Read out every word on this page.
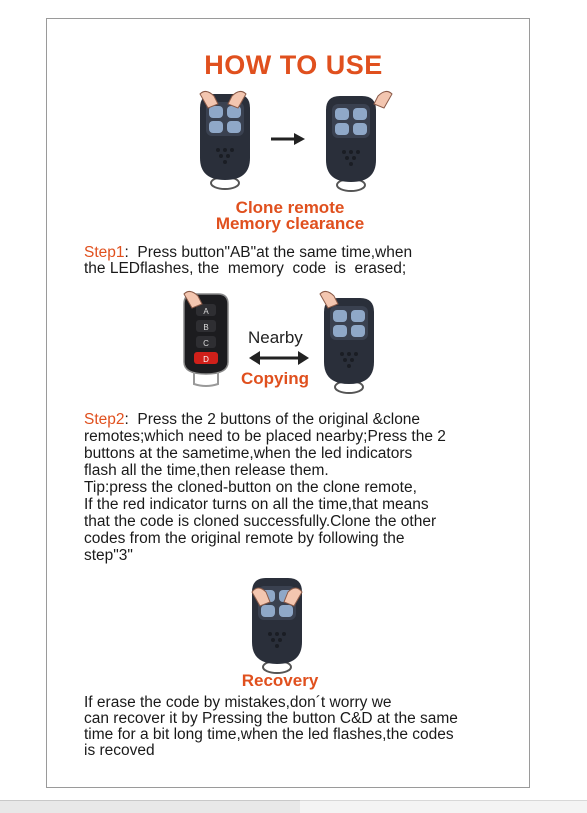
HOW TO USE
Clone remote
Memory clearance
Step1:  Press button"AB"at the same time,when
the LEDflashes, the  memory  code  is  erased;
A
B
C
D
Nearby
Copying
Step2:  Press the 2 buttons of the original &clone
remotes;which need to be placed nearby;Press the 2
buttons at the sametime,when the led indicators
flash all the time,then release them.
Tip:press the cloned-button on the clone remote,
If the red indicator turns on all the time,that means
that the code is cloned successfully.Clone the other
codes from the original remote by following the
step"3"
Recovery
If erase the code by mistakes,don´t worry we
can recover it by Pressing the button C&D at the same
time for a bit long time,when the led flashes,the codes
is recoved
